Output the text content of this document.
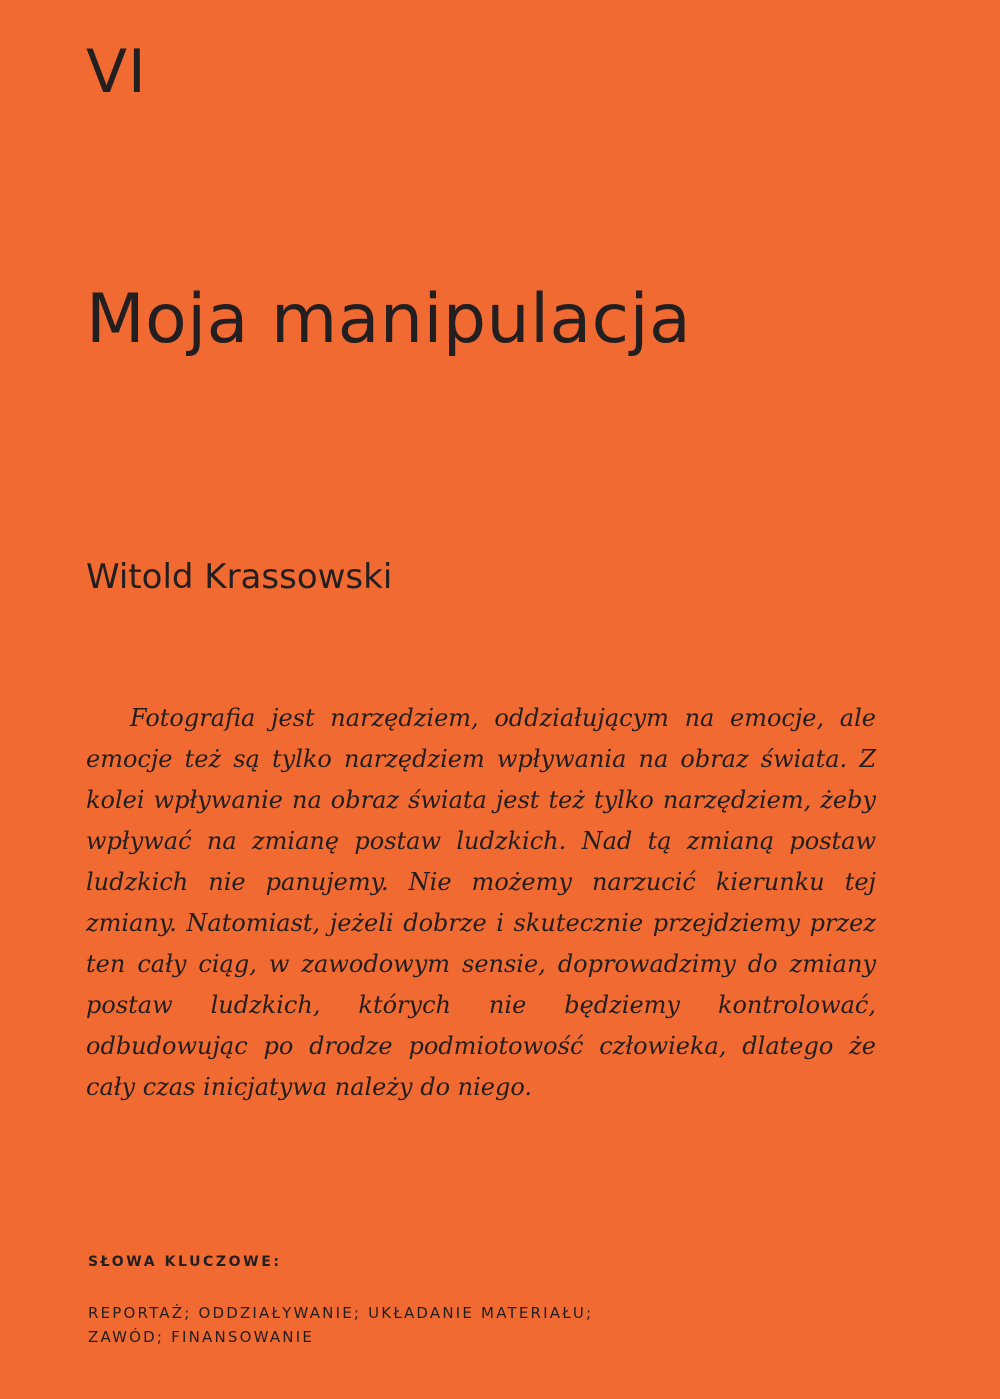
VI
Moja manipulacja
Witold Krassowski

Fotografia jest narzędziem, oddziałującym na emocje, ale emocje też są tylko narzędziem wpływania na obraz świata. Z kolei wpływanie na obraz świata jest też tylko narzędziem, żeby wpływać na zmianę postaw ludzkich. Nad tą zmianą postaw ludzkich nie panujemy. Nie możemy narzucić kierunku tej zmiany. Natomiast, jeżeli dobrze i skutecznie przejdziemy przez ten cały ciąg, w zawodowym sensie, doprowadzimy do zmiany postaw ludzkich, których nie będziemy kontrolować, odbudowując po drodze podmiotowość człowieka, dlatego że cały czas inicjatywa należy do niego.

SŁOWA KLUCZOWE:
REPORTAŻ; ODDZIAŁYWANIE; UKŁADANIE MATERIAŁU;
ZAWÓD; FINANSOWANIE
